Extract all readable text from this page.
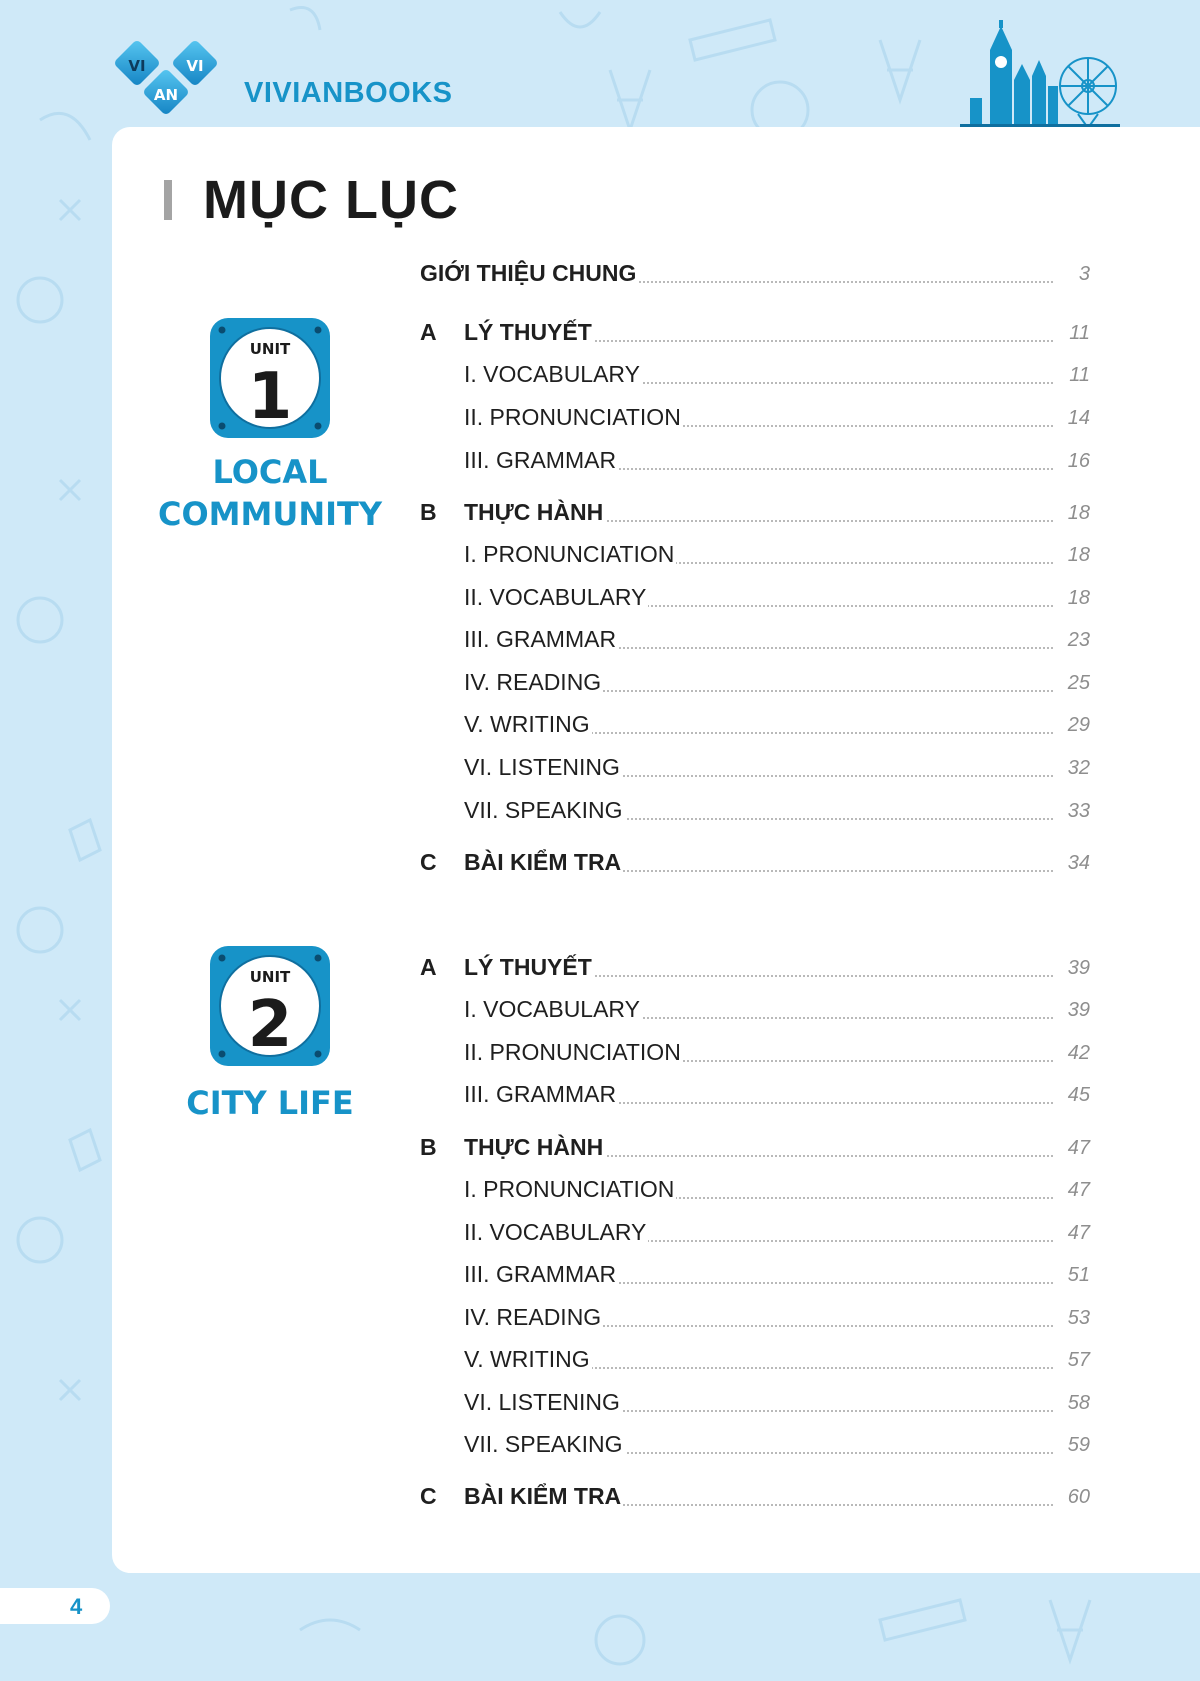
VI	VI
AN VIVIANBOOKS
MỤC LỤC
UNIT
1
LOCAL
COMMUNITY
UNIT
2
CITY LIFE
GIỚI THIỆU CHUNG	3
A LÝ THUYẾT	11
I. VOCABULARY	11
II. PRONUNCIATION	14
III. GRAMMAR	16
B THỰC HÀNH	18
I. PRONUNCIATION	18
II. VOCABULARY	18
III. GRAMMAR	23
IV. READING	25
V. WRITING	29
VI. LISTENING	32
VII. SPEAKING	33
C BÀI KIỂM TRA	34
A LÝ THUYẾT	39
I. VOCABULARY	39
II. PRONUNCIATION	42
III. GRAMMAR	45
B THỰC HÀNH	47
I. PRONUNCIATION	47
II. VOCABULARY	47
III. GRAMMAR	51
IV. READING	53
V. WRITING	57
VI. LISTENING	58
VII. SPEAKING	59
C BÀI KIỂM TRA	60
4
